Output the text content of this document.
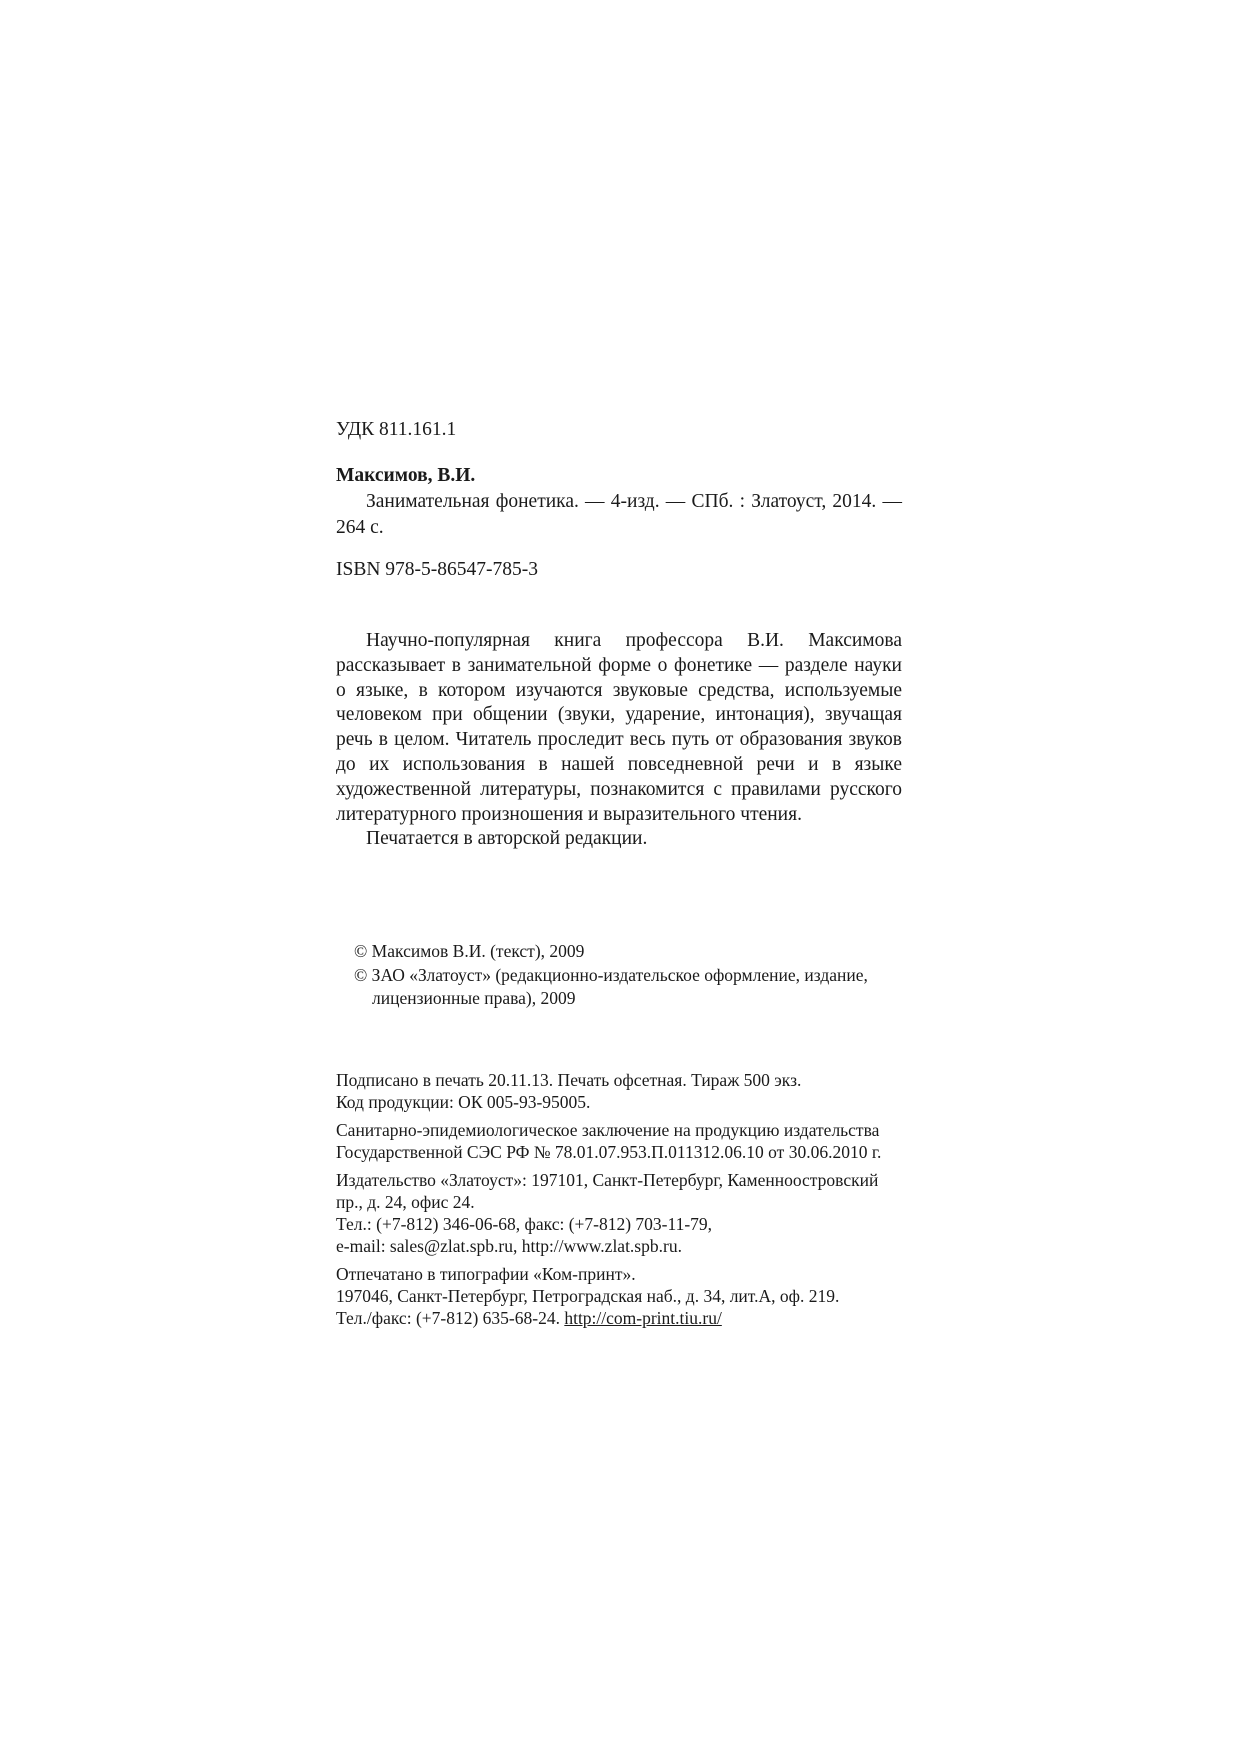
УДК 811.161.1
Максимов, В.И.
Занимательная фонетика. — 4-изд. — СПб. : Златоуст, 2014. — 264 с.
ISBN 978-5-86547-785-3

Научно-популярная книга профессора В.И. Максимова рассказывает в занимательной форме о фонетике — разделе науки о языке, в котором изучаются звуковые средства, используемые человеком при общении (звуки, ударение, интонация), звучащая речь в целом. Читатель проследит весь путь от образования звуков до их использования в нашей повседневной речи и в языке художественной литературы, познакомится с правилами русского литературного произношения и выразительного чтения.

Печатается в авторской редакции.

© Максимов В.И. (текст), 2009
© ЗАО «Златоуст» (редакционно-издательское оформление, издание, лицензионные права), 2009

Подписано в печать 20.11.13. Печать офсетная. Тираж 500 экз.
Код продукции: ОК 005-93-95005.

Санитарно-эпидемиологическое заключение на продукцию издательства Государственной СЭС РФ № 78.01.07.953.П.011312.06.10 от 30.06.2010 г.

Издательство «Златоуст»: 197101, Санкт-Петербург, Каменноостровский пр., д. 24, офис 24.
Тел.: (+7-812) 346-06-68, факс: (+7-812) 703-11-79,
e-mail: sales@zlat.spb.ru, http://www.zlat.spb.ru.

Отпечатано в типографии «Ком-принт».
197046, Санкт-Петербург, Петроградская наб., д. 34, лит.А, оф. 219.
Тел./факс: (+7-812) 635-68-24. http://com-print.tiu.ru/
